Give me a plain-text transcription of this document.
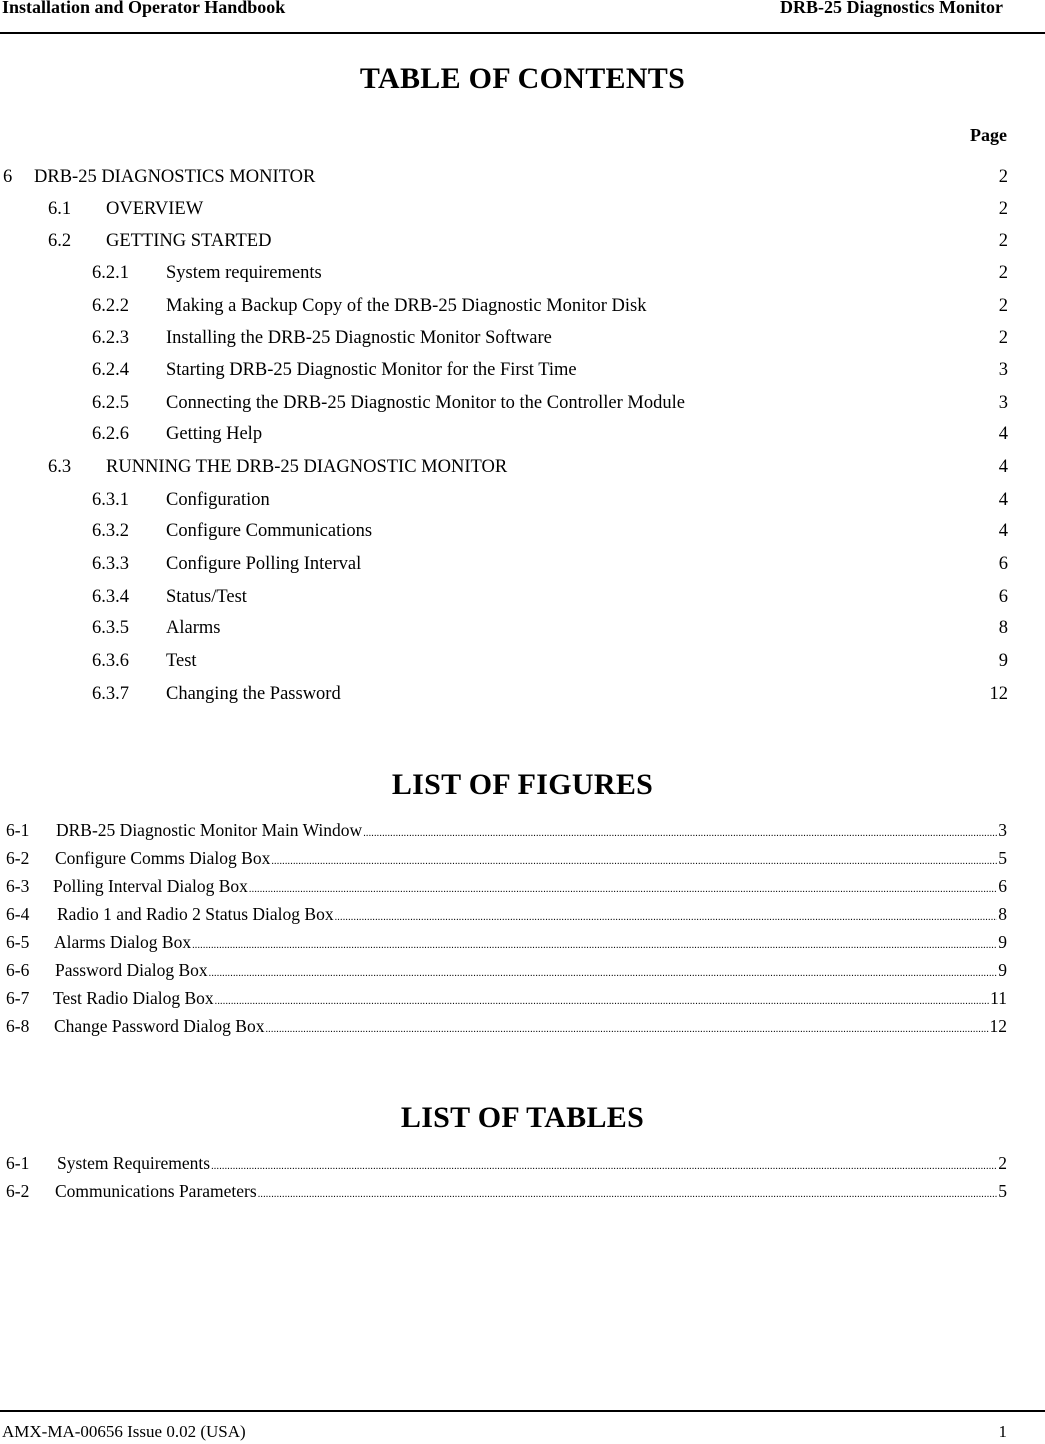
Installation and Operator Handbook	DRB-25 Diagnostics Monitor
TABLE OF CONTENTS
Page
6 DRB-25 DIAGNOSTICS MONITOR	2
6.1 OVERVIEW	2
6.2 GETTING STARTED	2
6.2.1 System requirements	2
6.2.2 Making a Backup Copy of the DRB-25 Diagnostic Monitor Disk	2
6.2.3 Installing the DRB-25 Diagnostic Monitor Software	2
6.2.4 Starting DRB-25 Diagnostic Monitor for the First Time	3
6.2.5 Connecting the DRB-25 Diagnostic Monitor to the Controller Module	3
6.2.6 Getting Help	4
6.3 RUNNING THE DRB-25 DIAGNOSTIC MONITOR	4
6.3.1 Configuration	4
6.3.2 Configure Communications	4
6.3.3 Configure Polling Interval	6
6.3.4 Status/Test	6
6.3.5 Alarms	8
6.3.6 Test	9
6.3.7 Changing the Password	12
LIST OF FIGURES
6-1 DRB-25 Diagnostic Monitor Main Window .....	3
6-2 Configure Comms Dialog Box .....	5
6-3 Polling Interval Dialog Box .....	6
6-4 Radio 1 and Radio 2 Status Dialog Box .....	8
6-5 Alarms Dialog Box .....	9
6-6 Password Dialog Box .....	9
6-7 Test Radio Dialog Box .....	11
6-8 Change Password Dialog Box .....	12
LIST OF TABLES
6-1 System Requirements .....	2
6-2 Communications Parameters .....	5
AMX-MA-00656 Issue 0.02 (USA)	1
